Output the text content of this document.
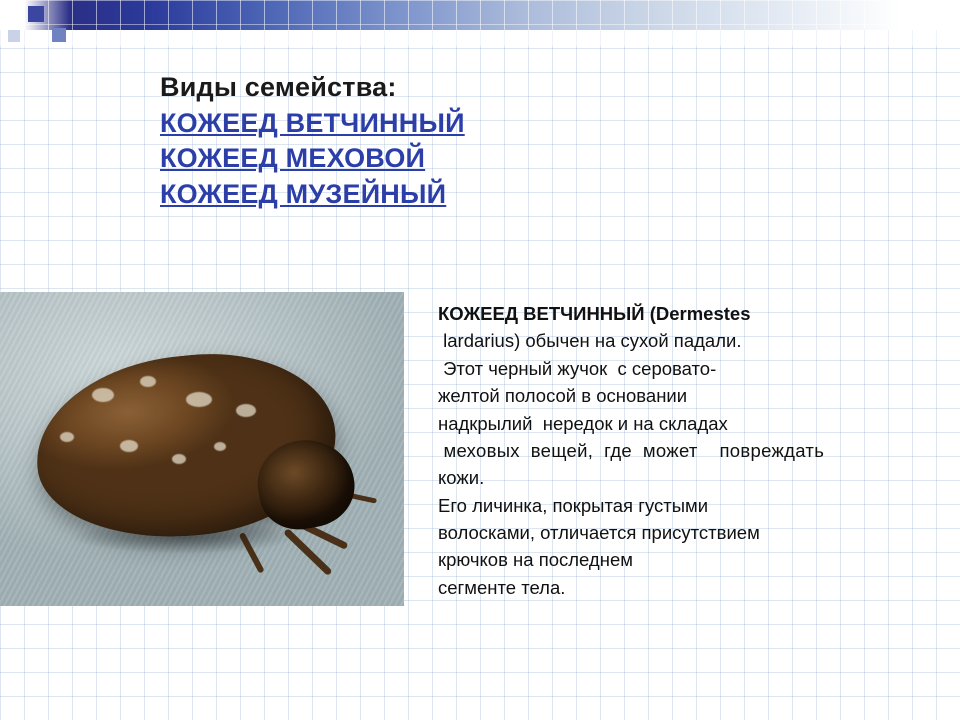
Виды семейства:
КОЖЕЕД ВЕТЧИННЫЙ
КОЖЕЕД МЕХОВОЙ
КОЖЕЕД МУЗЕЙНЫЙ

КОЖЕЕД ВЕТЧИННЫЙ (Dermestes

lardarius) обычен на сухой падали.

Этот черный жучок  с серовато-

желтой полосой в основании

надкрылий  нередок и на складах

меховых  вещей,  где  может    повреждать

кожи.

Его личинка, покрытая густыми

волосками, отличается присутствием

крючков на последнем

сегменте тела.
